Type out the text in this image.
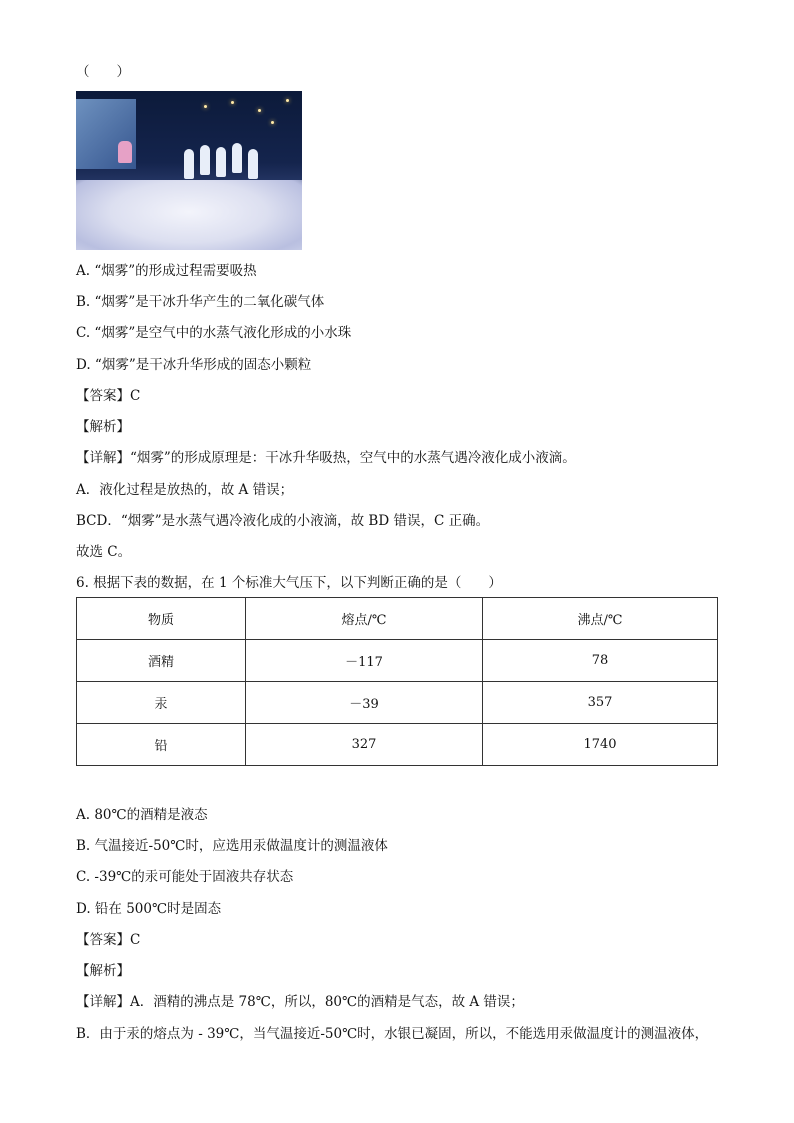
（　　）
A. “烟雾”的形成过程需要吸热
B. “烟雾”是干冰升华产生的二氧化碳气体
C. “烟雾”是空气中的水蒸气液化形成的小水珠
D. “烟雾”是干冰升华形成的固态小颗粒
【答案】C
【解析】
【详解】“烟雾”的形成原理是：干冰升华吸热，空气中的水蒸气遇冷液化成小液滴。
A．液化过程是放热的，故 A 错误；
BCD．“烟雾”是水蒸气遇冷液化成的小液滴，故 BD 错误，C 正确。
故选 C。
6. 根据下表的数据，在 1 个标准大气压下，以下判断正确的是（　　）
物质	熔点/℃	沸点/℃
酒精	－117	78
汞	－39	357
铅	327	1740
A. 80℃的酒精是液态
B. 气温接近-50℃时，应选用汞做温度计的测温液体
C. -39℃的汞可能处于固液共存状态
D. 铅在 500℃时是固态
【答案】C
【解析】
【详解】A．酒精的沸点是 78℃，所以，80℃的酒精是气态，故 A 错误；
B．由于汞的熔点为 - 39℃，当气温接近-50℃时，水银已凝固，所以，不能选用汞做温度计的测温液体，
